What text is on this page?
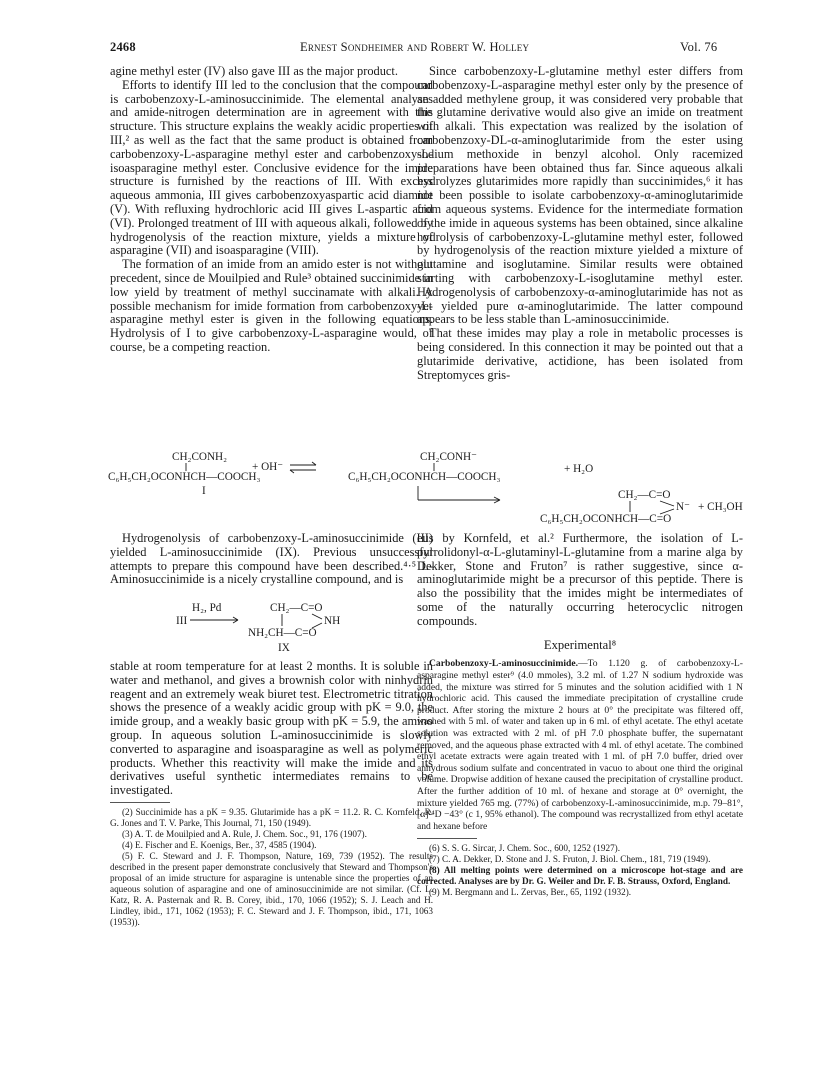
2468	Ernest Sondheimer and Robert W. Holley	Vol. 76

agine methyl ester (IV) also gave III as the major product.

Efforts to identify III led to the conclusion that the compound is carbobenzoxy-L-aminosuccinimide. The elemental analyses and amide-nitrogen determination are in agreement with this structure. This structure explains the weakly acidic properties of III,² as well as the fact that the same product is obtained from carbobenzoxy-L-asparagine methyl ester and carbobenzoxy-L-isoasparagine methyl ester. Conclusive evidence for the imide structure is furnished by the reactions of III. With excess aqueous ammonia, III gives carbobenzoxyaspartic acid diamide (V). With refluxing hydrochloric acid III gives L-aspartic acid (VI). Prolonged treatment of III with aqueous alkali, followed by hydrogenolysis of the reaction mixture, yields a mixture of asparagine (VII) and isoasparagine (VIII).

The formation of an imide from an amido ester is not without precedent, since de Mouilpied and Rule³ obtained succinimide in low yield by treatment of methyl succinamate with alkali. A possible mechanism for imide formation from carbobenzoxy-L-asparagine methyl ester is given in the following equations. Hydrolysis of I to give carbobenzoxy-L-asparagine would, of course, be a competing reaction.

Since carbobenzoxy-L-glutamine methyl ester differs from carbobenzoxy-L-asparagine methyl ester only by the presence of an added methylene group, it was considered very probable that the glutamine derivative would also give an imide on treatment with alkali. This expectation was realized by the isolation of carbobenzoxy-DL-α-aminoglutarimide from the ester using sodium methoxide in benzyl alcohol. Only racemized preparations have been obtained thus far. Since aqueous alkali hydrolyzes glutarimides more rapidly than succinimides,⁶ it has not been possible to isolate carbobenzoxy-α-aminoglutarimide from aqueous systems. Evidence for the intermediate formation of the imide in aqueous systems has been obtained, since alkaline hydrolysis of carbobenzoxy-L-glutamine methyl ester, followed by hydrogenolysis of the reaction mixture yielded a mixture of glutamine and isoglutamine. Similar results were obtained starting with carbobenzoxy-L-isoglutamine methyl ester. Hydrogenolysis of carbobenzoxy-α-aminoglutarimide has not as yet yielded pure α-aminoglutarimide. The latter compound appears to be less stable than L-aminosuccinimide.

That these imides may play a role in metabolic processes is being considered. In this connection it may be pointed out that a glutarimide derivative, actidione, has been isolated from Streptomyces gris-

CH₂CONH₂
C₆H₅CH₂OCONHCH—COOCH₃
I
+ OH⁻
CH₂CONH⁻
C₆H₅CH₂OCONHCH—COOCH₃
+ H₂O
CH₂—C=O
N⁻ + CH₃OH
C₆H₅CH₂OCONHCH—C=O

Hydrogenolysis of carbobenzoxy-L-aminosuccinimide (III) yielded L-aminosuccinimide (IX). Previous unsuccessful attempts to prepare this compound have been described.⁴·⁵ L-Aminosuccinimide is a nicely crystalline compound, and is

H₂, Pd
III
CH₂—C=O
NH
NH₂CH—C=O
IX

stable at room temperature for at least 2 months. It is soluble in water and methanol, and gives a brownish color with ninhydrin reagent and an extremely weak biuret test. Electrometric titration shows the presence of a weakly acidic group with pK = 9.0, the imide group, and a weakly basic group with pK = 5.9, the amino group. In aqueous solution L-aminosuccinimide is slowly converted to asparagine and isoasparagine as well as polymeric products. Whether this reactivity will make the imide and its derivatives useful synthetic intermediates remains to be investigated.

(2) Succinimide has a pK = 9.35. Glutarimide has a pK = 11.2. R. C. Kornfeld, R. G. Jones and T. V. Parke, This Journal, 71, 150 (1949).

(3) A. T. de Mouilpied and A. Rule, J. Chem. Soc., 91, 176 (1907).

(4) E. Fischer and E. Koenigs, Ber., 37, 4585 (1904).

(5) F. C. Steward and J. F. Thompson, Nature, 169, 739 (1952). The results described in the present paper demonstrate conclusively that Steward and Thompson's proposal of an imide structure for asparagine is untenable since the properties of an aqueous solution of asparagine and one of aminosuccinimide are not similar. (Cf. L. Katz, R. A. Pasternak and R. B. Corey, ibid., 170, 1066 (1952); S. J. Leach and H. Lindley, ibid., 171, 1062 (1953); F. C. Steward and J. F. Thompson, ibid., 171, 1063 (1953)).

eus by Kornfeld, et al.² Furthermore, the isolation of L-pyrrolidonyl-α-L-glutaminyl-L-glutamine from a marine alga by Dekker, Stone and Fruton⁷ is rather suggestive, since α-aminoglutarimide might be a precursor of this peptide. There is also the possibility that the imides might be intermediates of some of the naturally occurring heterocyclic nitrogen compounds.

Experimental⁸

Carbobenzoxy-L-aminosuccinimide.—To 1.120 g. of carbobenzoxy-L-asparagine methyl ester⁹ (4.0 mmoles), 3.2 ml. of 1.27 N sodium hydroxide was added, the mixture was stirred for 5 minutes and the solution acidified with 1 N hydrochloric acid. This caused the immediate precipitation of crystalline crude product. After storing the mixture 2 hours at 0° the precipitate was filtered off, washed with 5 ml. of water and taken up in 6 ml. of ethyl acetate. The ethyl acetate solution was extracted with 2 ml. of pH 7.0 phosphate buffer, the supernatant removed, and the aqueous phase extracted with 4 ml. of ethyl acetate. The combined ethyl acetate extracts were again treated with 1 ml. of pH 7.0 buffer, dried over anhydrous sodium sulfate and concentrated in vacuo to about one third the original volume. Dropwise addition of hexane caused the precipitation of crystalline product. After the further addition of 10 ml. of hexane and storage at 0° overnight, the mixture yielded 765 mg. (77%) of carbobenzoxy-L-aminosuccinimide, m.p. 79–81°, [α]²⁴D −43° (c 1, 95% ethanol). The compound was recrystallized from ethyl acetate and hexane before

(6) S. S. G. Sircar, J. Chem. Soc., 600, 1252 (1927).

(7) C. A. Dekker, D. Stone and J. S. Fruton, J. Biol. Chem., 181, 719 (1949).

(8) All melting points were determined on a microscope hot-stage and are corrected. Analyses are by Dr. G. Weiler and Dr. F. B. Strauss, Oxford, England.

(9) M. Bergmann and L. Zervas, Ber., 65, 1192 (1932).
